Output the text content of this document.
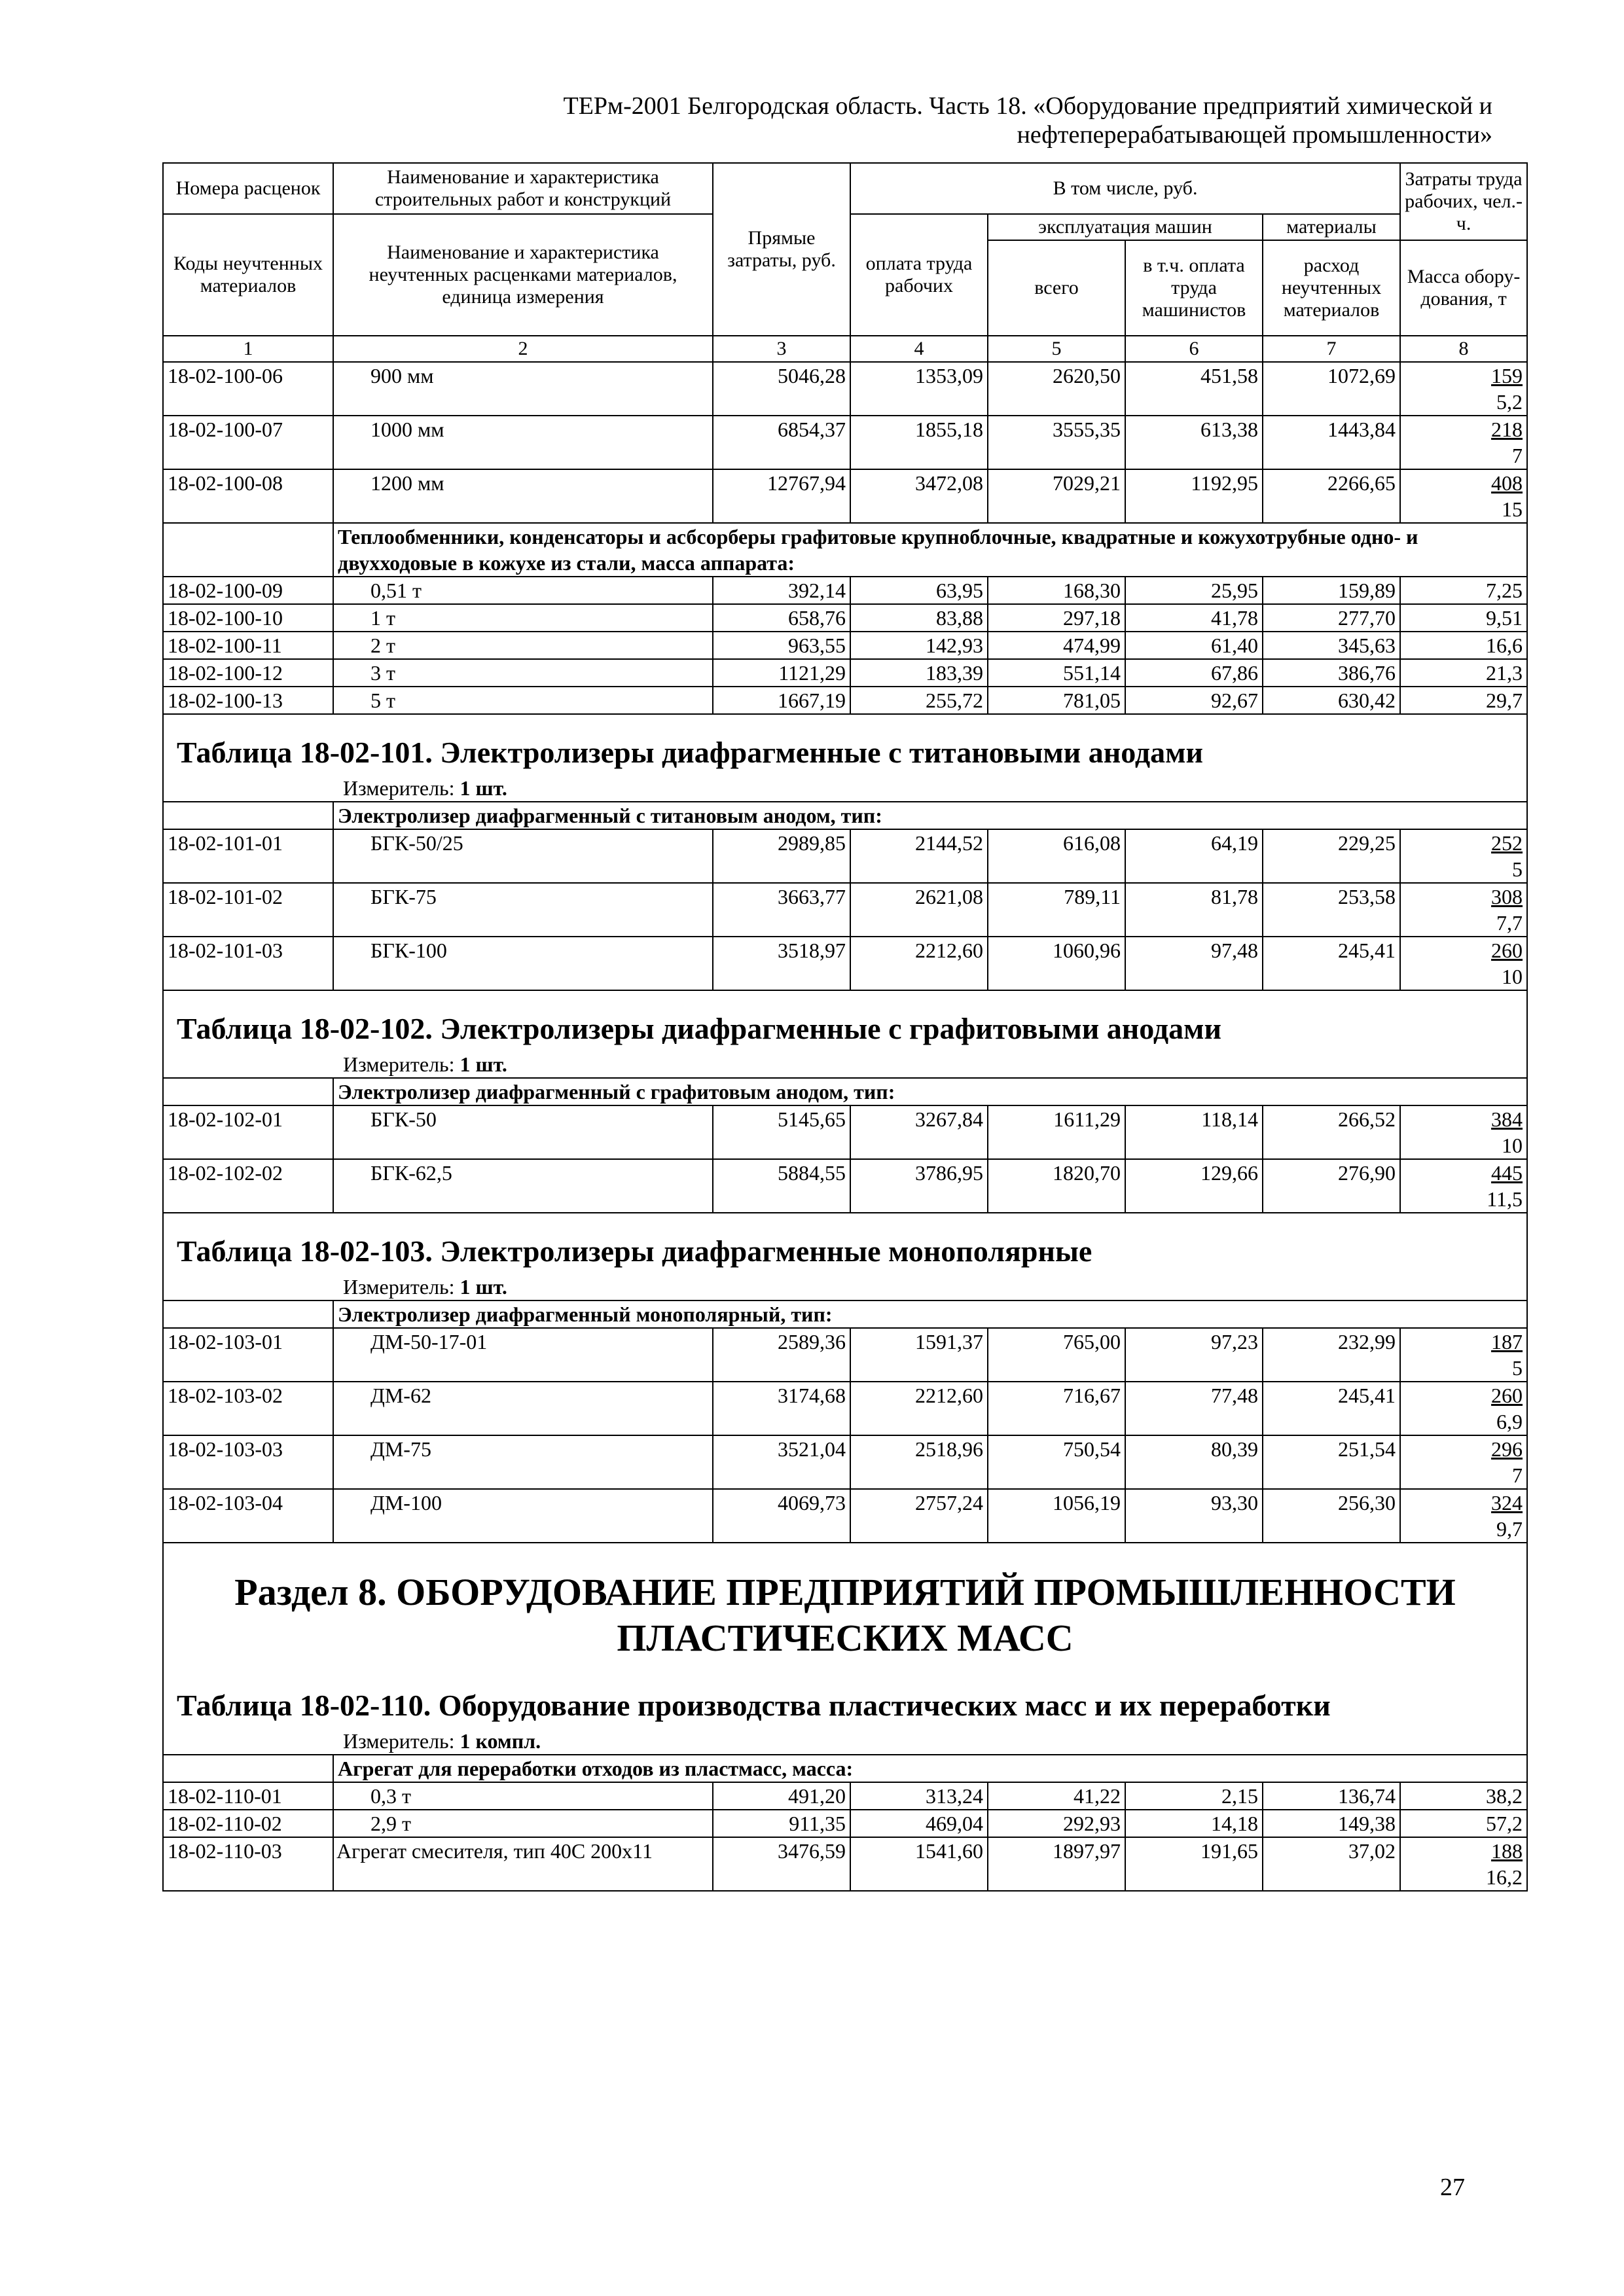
ТЕРм-2001 Белгородская область. Часть 18. «Оборудование предприятий химической и
нефтеперерабатывающей промышленности»
Номера расценок	Наименование и характеристика строительных работ и конструкций	Прямые затраты, руб.	В том числе, руб.				Затраты труда рабочих, чел.-ч.
Коды неучтенных материалов	Наименование и характеристика неучтенных расценками материалов, единица измерения		оплата труда рабочих	эксплуатация машин		материалы	
				всего	в т.ч. оплата труда машинистов	расход неучтенных материалов	Масса обору-дования, т
1	2	3	4	5	6	7	8
18-02-100-06	900 мм	5046,28	1353,09	2620,50	451,58	1072,69	159
5,2

18-02-100-07	1000 мм	6854,37	1855,18	3555,35	613,38	1443,84	218
7

18-02-100-08	1200 мм	12767,94	3472,08	7029,21	1192,95	2266,65	408
15

	Теплообменники, конденсаторы и асбсорберы графитовые крупноблочные, квадратные и кожухотрубные одно- и двухходовые в кожухе из стали, масса аппарата:						
18-02-100-09	0,51 т	392,14	63,95	168,30	25,95	159,89	7,25
18-02-100-10	1 т	658,76	83,88	297,18	41,78	277,70	9,51
18-02-100-11	2 т	963,55	142,93	474,99	61,40	345,63	16,6
18-02-100-12	3 т	1121,29	183,39	551,14	67,86	386,76	21,3
18-02-100-13	5 т	1667,19	255,72	781,05	92,67	630,42	29,7

Таблица 18-02-101. Электролизеры диафрагменные с титановыми анодами
Измеритель: 1 шт.							

	Электролизер диафрагменный с титановым анодом, тип:						
18-02-101-01	БГК-50/25	2989,85	2144,52	616,08	64,19	229,25	252
5

18-02-101-02	БГК-75	3663,77	2621,08	789,11	81,78	253,58	308
7,7

18-02-101-03	БГК-100	3518,97	2212,60	1060,96	97,48	245,41	260
10

Таблица 18-02-102. Электролизеры диафрагменные с графитовыми анодами
Измеритель: 1 шт.							

	Электролизер диафрагменный с графитовым анодом, тип:						
18-02-102-01	БГК-50	5145,65	3267,84	1611,29	118,14	266,52	384
10

18-02-102-02	БГК-62,5	5884,55	3786,95	1820,70	129,66	276,90	445
11,5

Таблица 18-02-103. Электролизеры диафрагменные монополярные
Измеритель: 1 шт.							

	Электролизер диафрагменный монополярный, тип:						
18-02-103-01	ДМ-50-17-01	2589,36	1591,37	765,00	97,23	232,99	187
5

18-02-103-02	ДМ-62	3174,68	2212,60	716,67	77,48	245,41	260
6,9

18-02-103-03	ДМ-75	3521,04	2518,96	750,54	80,39	251,54	296
7

18-02-103-04	ДМ-100	4069,73	2757,24	1056,19	93,30	256,30	324
9,7

Раздел 8. ОБОРУДОВАНИЕ ПРЕДПРИЯТИЙ ПРОМЫШЛЕННОСТИ
ПЛАСТИЧЕСКИХ МАСС							

Таблица 18-02-110. Оборудование производства пластических масс и их переработки
Измеритель: 1 компл.							

	Агрегат для переработки отходов из пластмасс, масса:						
18-02-110-01	0,3 т	491,20	313,24	41,22	2,15	136,74	38,2
18-02-110-02	2,9 т	911,35	469,04	292,93	14,18	149,38	57,2
18-02-110-03	Агрегат смесителя, тип 40С 200х11	3476,59	1541,60	1897,97	191,65	37,02	188
16,2
27
